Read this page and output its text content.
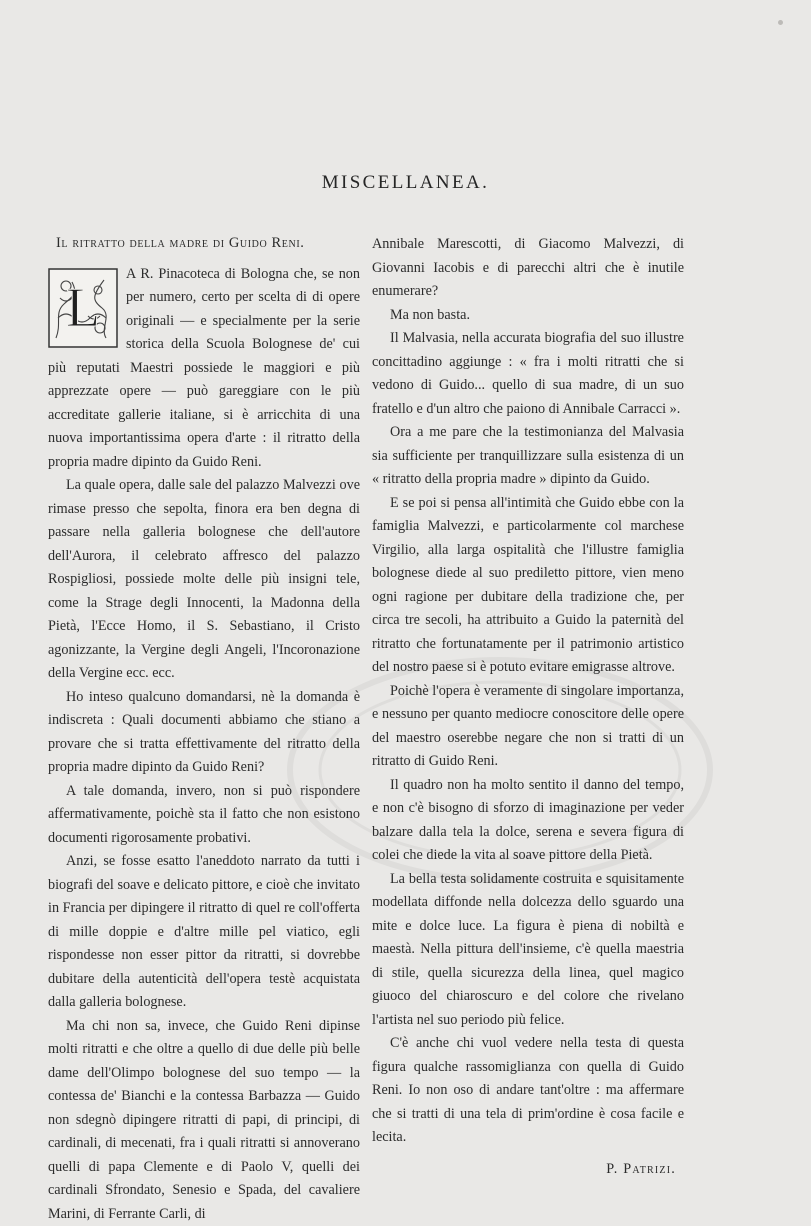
MISCELLANEA.
Il ritratto della madre di Guido Reni.
L

A R. Pinacoteca di Bologna che, se non per numero, certo per scelta di di opere originali — e specialmente per la serie storica della Scuola Bolognese de' cui più reputati Maestri possiede le maggiori e più apprezzate opere — può gareggiare con le più accreditate gallerie italiane, si è arricchita di una nuova importantissima opera d'arte : il ritratto della propria madre dipinto da Guido Reni.

La quale opera, dalle sale del palazzo Malvezzi ove rimase presso che sepolta, finora era ben degna di passare nella galleria bolognese che dell'autore dell'Aurora, il celebrato affresco del palazzo Rospigliosi, possiede molte delle più insigni tele, come la Strage degli Innocenti, la Madonna della Pietà, l'Ecce Homo, il S. Sebastiano, il Cristo agonizzante, la Vergine degli Angeli, l'Incoronazione della Vergine ecc. ecc.

Ho inteso qualcuno domandarsi, nè la domanda è indiscreta : Quali documenti abbiamo che stiano a provare che si tratta effettivamente del ritratto della propria madre dipinto da Guido Reni?

A tale domanda, invero, non si può rispondere affermativamente, poichè sta il fatto che non esistono documenti rigorosamente probativi.

Anzi, se fosse esatto l'aneddoto narrato da tutti i biografi del soave e delicato pittore, e cioè che invitato in Francia per dipingere il ritratto di quel re coll'offerta di mille doppie e d'altre mille pel viatico, egli rispondesse non esser pittor da ritratti, si dovrebbe dubitare della autenticità dell'opera testè acquistata dalla galleria bolognese.

Ma chi non sa, invece, che Guido Reni dipinse molti ritratti e che oltre a quello di due delle più belle dame dell'Olimpo bolognese del suo tempo — la contessa de' Bianchi e la contessa Barbazza — Guido non sdegnò dipingere ritratti di papi, di principi, di cardinali, di mecenati, fra i quali ritratti si annoverano quelli di papa Clemente e di Paolo V, quelli dei cardinali Sfrondato, Senesio e Spada, del cavaliere Marini, di Ferrante Carli, di

Annibale Marescotti, di Giacomo Malvezzi, di Giovanni Iacobis e di parecchi altri che è inutile enumerare?

Ma non basta.

Il Malvasia, nella accurata biografia del suo illustre concittadino aggiunge : « fra i molti ritratti che si vedono di Guido... quello di sua madre, di un suo fratello e d'un altro che paiono di Annibale Carracci ».

Ora a me pare che la testimonianza del Malvasia sia sufficiente per tranquillizzare sulla esistenza di un « ritratto della propria madre » dipinto da Guido.

E se poi si pensa all'intimità che Guido ebbe con la famiglia Malvezzi, e particolarmente col marchese Virgilio, alla larga ospitalità che l'illustre famiglia bolognese diede al suo prediletto pittore, vien meno ogni ragione per dubitare della tradizione che, per circa tre secoli, ha attribuito a Guido la paternità del ritratto che fortunatamente per il patrimonio artistico del nostro paese si è potuto evitare emigrasse altrove.

Poichè l'opera è veramente di singolare importanza, e nessuno per quanto mediocre conoscitore delle opere del maestro oserebbe negare che non si tratti di un ritratto di Guido Reni.

Il quadro non ha molto sentito il danno del tempo, e non c'è bisogno di sforzo di imaginazione per veder balzare dalla tela la dolce, serena e severa figura di colei che diede la vita al soave pittore della Pietà.

La bella testa solidamente costruita e squisitamente modellata diffonde nella dolcezza dello sguardo una mite e dolce luce. La figura è piena di nobiltà e maestà. Nella pittura dell'insieme, c'è quella maestria di stile, quella sicurezza della linea, quel magico giuoco del chiaroscuro e del colore che rivelano l'artista nel suo periodo più felice.

C'è anche chi vuol vedere nella testa di questa figura qualche rassomiglianza con quella di Guido Reni. Io non oso di andare tant'oltre : ma affermare che si tratti di una tela di prim'ordine è cosa facile e lecita.

P. Patrizi.
